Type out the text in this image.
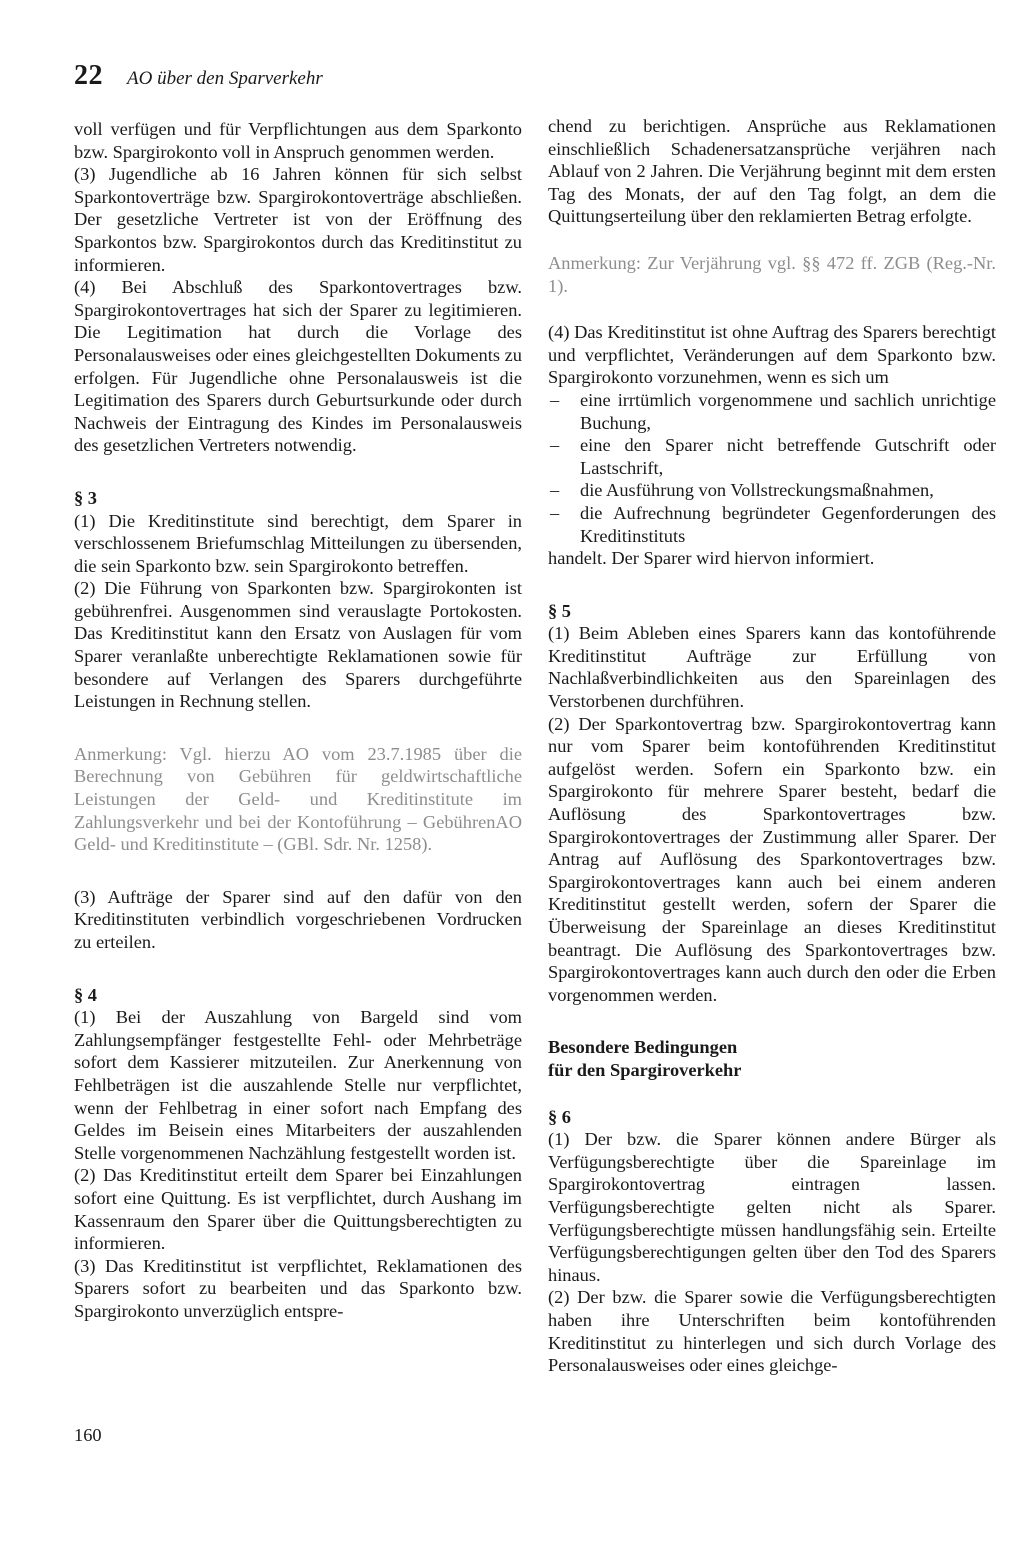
22 AO über den Sparverkehr

voll verfügen und für Verpflichtungen aus dem Sparkonto bzw. Spargirokonto voll in Anspruch genommen werden.

(3) Jugendliche ab 16 Jahren können für sich selbst Sparkontoverträge bzw. Spargirokontoverträge abschließen. Der gesetzliche Vertreter ist von der Eröffnung des Sparkontos bzw. Spargirokontos durch das Kreditinstitut zu informieren.

(4) Bei Abschluß des Sparkontovertrages bzw. Spargirokontovertrages hat sich der Sparer zu legitimieren. Die Legitimation hat durch die Vorlage des Personalausweises oder eines gleichgestellten Dokuments zu erfolgen. Für Jugendliche ohne Personalausweis ist die Legitimation des Sparers durch Geburtsurkunde oder durch Nachweis der Eintragung des Kindes im Personalausweis des gesetzlichen Vertreters notwendig.

§ 3

(1) Die Kreditinstitute sind berechtigt, dem Sparer in verschlossenem Briefumschlag Mitteilungen zu übersenden, die sein Sparkonto bzw. sein Spargirokonto betreffen.

(2) Die Führung von Sparkonten bzw. Spargirokonten ist gebührenfrei. Ausgenommen sind verauslagte Portokosten. Das Kreditinstitut kann den Ersatz von Auslagen für vom Sparer veranlaßte unberechtigte Reklamationen sowie für besondere auf Verlangen des Sparers durchgeführte Leistungen in Rechnung stellen.

Anmerkung: Vgl. hierzu AO vom 23.7.1985 über die Berechnung von Gebühren für geldwirtschaftliche Leistungen der Geld- und Kreditinstitute im Zahlungsverkehr und bei der Kontoführung – GebührenAO Geld- und Kreditinstitute – (GBl. Sdr. Nr. 1258).

(3) Aufträge der Sparer sind auf den dafür von den Kreditinstituten verbindlich vorgeschriebenen Vordrucken zu erteilen.

§ 4

(1) Bei der Auszahlung von Bargeld sind vom Zahlungsempfänger festgestellte Fehl- oder Mehrbeträge sofort dem Kassierer mitzuteilen. Zur Anerkennung von Fehlbeträgen ist die auszahlende Stelle nur verpflichtet, wenn der Fehlbetrag in einer sofort nach Empfang des Geldes im Beisein eines Mitarbeiters der auszahlenden Stelle vorgenommenen Nachzählung festgestellt worden ist.

(2) Das Kreditinstitut erteilt dem Sparer bei Einzahlungen sofort eine Quittung. Es ist verpflichtet, durch Aushang im Kassenraum den Sparer über die Quittungsberechtigten zu informieren.

(3) Das Kreditinstitut ist verpflichtet, Reklamationen des Sparers sofort zu bearbeiten und das Sparkonto bzw. Spargirokonto unverzüglich entspre-

chend zu berichtigen. Ansprüche aus Reklamationen einschließlich Schadenersatzansprüche verjähren nach Ablauf von 2 Jahren. Die Verjährung beginnt mit dem ersten Tag des Monats, der auf den Tag folgt, an dem die Quittungserteilung über den reklamierten Betrag erfolgte.

Anmerkung: Zur Verjährung vgl. §§ 472 ff. ZGB (Reg.-Nr. 1).

(4) Das Kreditinstitut ist ohne Auftrag des Sparers berechtigt und verpflichtet, Veränderungen auf dem Sparkonto bzw. Spargirokonto vorzunehmen, wenn es sich um

– eine irrtümlich vorgenommene und sachlich unrichtige Buchung,
– eine den Sparer nicht betreffende Gutschrift oder Lastschrift,
– die Ausführung von Vollstreckungsmaßnahmen,
– die Aufrechnung begründeter Gegenforderungen des Kreditinstituts

handelt. Der Sparer wird hiervon informiert.

§ 5

(1) Beim Ableben eines Sparers kann das kontoführende Kreditinstitut Aufträge zur Erfüllung von Nachlaßverbindlichkeiten aus den Spareinlagen des Verstorbenen durchführen.

(2) Der Sparkontovertrag bzw. Spargirokontovertrag kann nur vom Sparer beim kontoführenden Kreditinstitut aufgelöst werden. Sofern ein Sparkonto bzw. ein Spargirokonto für mehrere Sparer besteht, bedarf die Auflösung des Sparkontovertrages bzw. Spargirokontovertrages der Zustimmung aller Sparer. Der Antrag auf Auflösung des Sparkontovertrages bzw. Spargirokontovertrages kann auch bei einem anderen Kreditinstitut gestellt werden, sofern der Sparer die Überweisung der Spareinlage an dieses Kreditinstitut beantragt. Die Auflösung des Sparkontovertrages bzw. Spargirokontovertrages kann auch durch den oder die Erben vorgenommen werden.

Besondere Bedingungen

für den Spargiroverkehr

§ 6

(1) Der bzw. die Sparer können andere Bürger als Verfügungsberechtigte über die Spareinlage im Spargirokontovertrag eintragen lassen. Verfügungsberechtigte gelten nicht als Sparer. Verfügungsberechtigte müssen handlungsfähig sein. Erteilte Verfügungsberechtigungen gelten über den Tod des Sparers hinaus.

(2) Der bzw. die Sparer sowie die Verfügungsberechtigten haben ihre Unterschriften beim kontoführenden Kreditinstitut zu hinterlegen und sich durch Vorlage des Personalausweises oder eines gleichge-

160
